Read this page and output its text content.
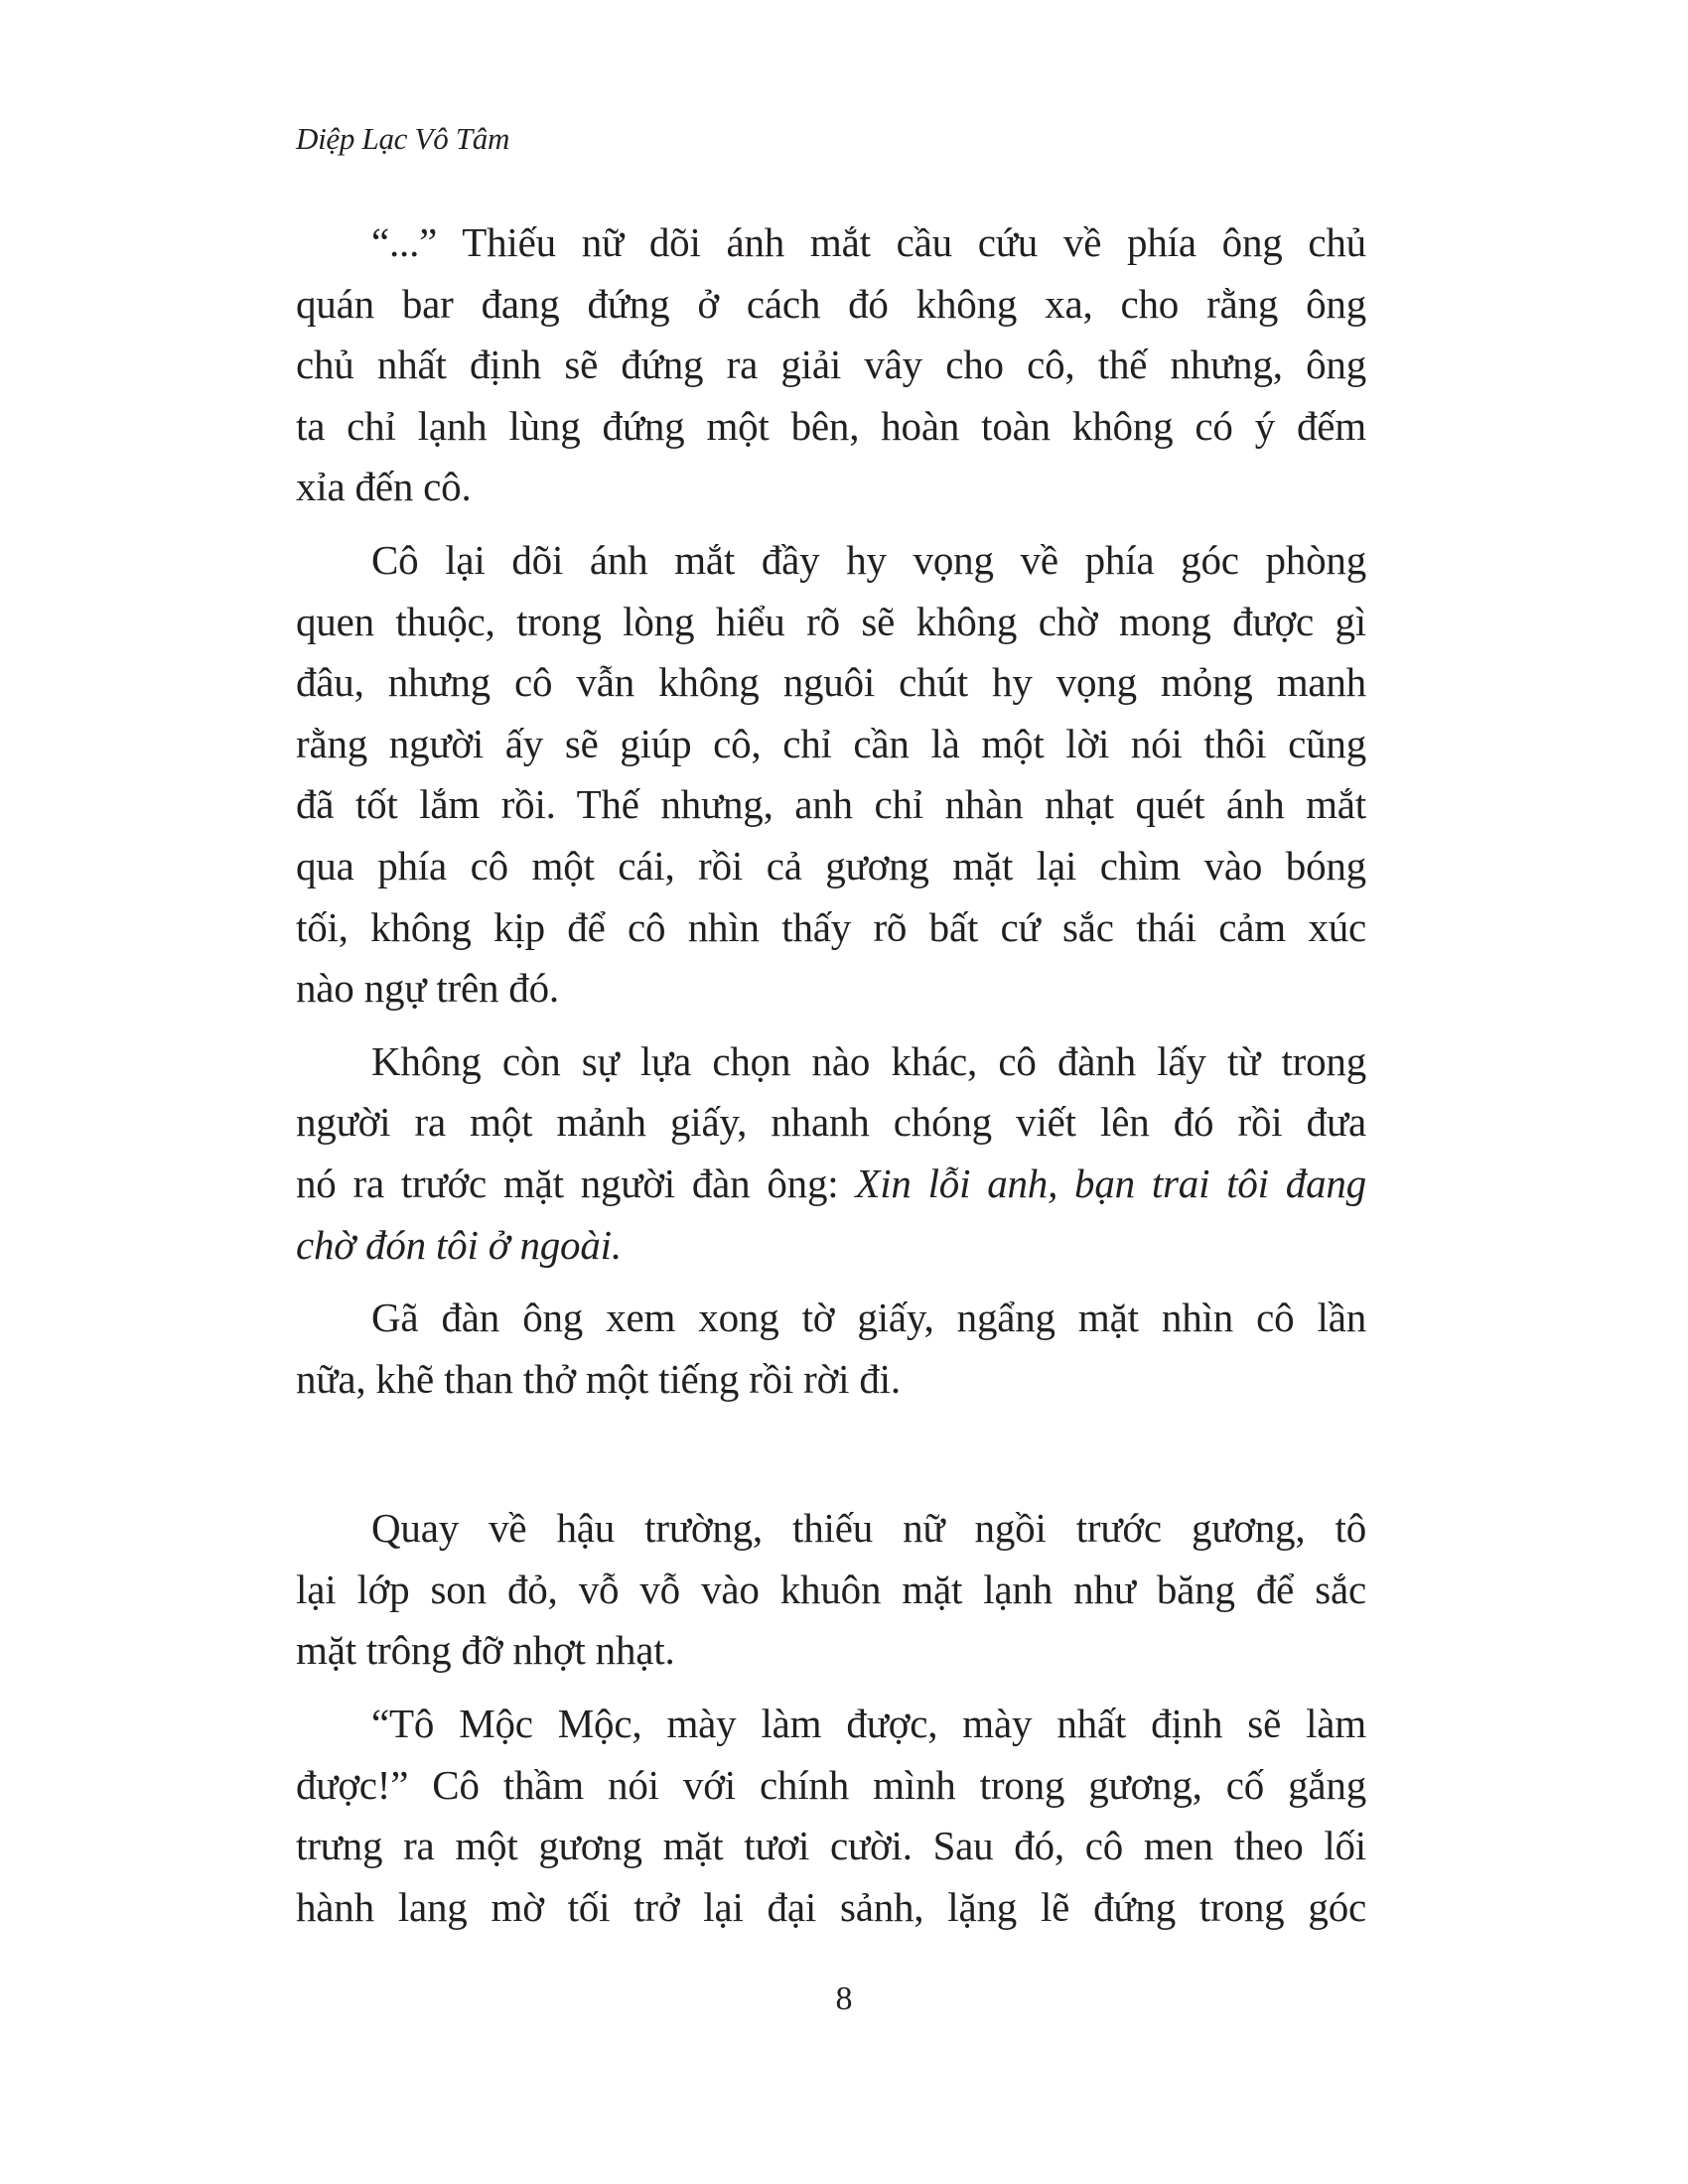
Diệp Lạc Vô Tâm
“...” Thiếu nữ dõi ánh mắt cầu cứu về phía ông chủ
quán bar đang đứng ở cách đó không xa, cho rằng ông
chủ nhất định sẽ đứng ra giải vây cho cô, thế nhưng, ông
ta chỉ lạnh lùng đứng một bên, hoàn toàn không có ý đếm
xỉa đến cô.
Cô lại dõi ánh mắt đầy hy vọng về phía góc phòng
quen thuộc, trong lòng hiểu rõ sẽ không chờ mong được gì
đâu, nhưng cô vẫn không nguôi chút hy vọng mỏng manh
rằng người ấy sẽ giúp cô, chỉ cần là một lời nói thôi cũng
đã tốt lắm rồi. Thế nhưng, anh chỉ nhàn nhạt quét ánh mắt
qua phía cô một cái, rồi cả gương mặt lại chìm vào bóng
tối, không kịp để cô nhìn thấy rõ bất cứ sắc thái cảm xúc
nào ngự trên đó.
Không còn sự lựa chọn nào khác, cô đành lấy từ trong
người ra một mảnh giấy, nhanh chóng viết lên đó rồi đưa
nó ra trước mặt người đàn ông: Xin lỗi anh, bạn trai tôi đang
chờ đón tôi ở ngoài.
Gã đàn ông xem xong tờ giấy, ngẩng mặt nhìn cô lần
nữa, khẽ than thở một tiếng rồi rời đi.
Quay về hậu trường, thiếu nữ ngồi trước gương, tô
lại lớp son đỏ, vỗ vỗ vào khuôn mặt lạnh như băng để sắc
mặt trông đỡ nhợt nhạt.
“Tô Mộc Mộc, mày làm được, mày nhất định sẽ làm
được!” Cô thầm nói với chính mình trong gương, cố gắng
trưng ra một gương mặt tươi cười. Sau đó, cô men theo lối
hành lang mờ tối trở lại đại sảnh, lặng lẽ đứng trong góc
8
